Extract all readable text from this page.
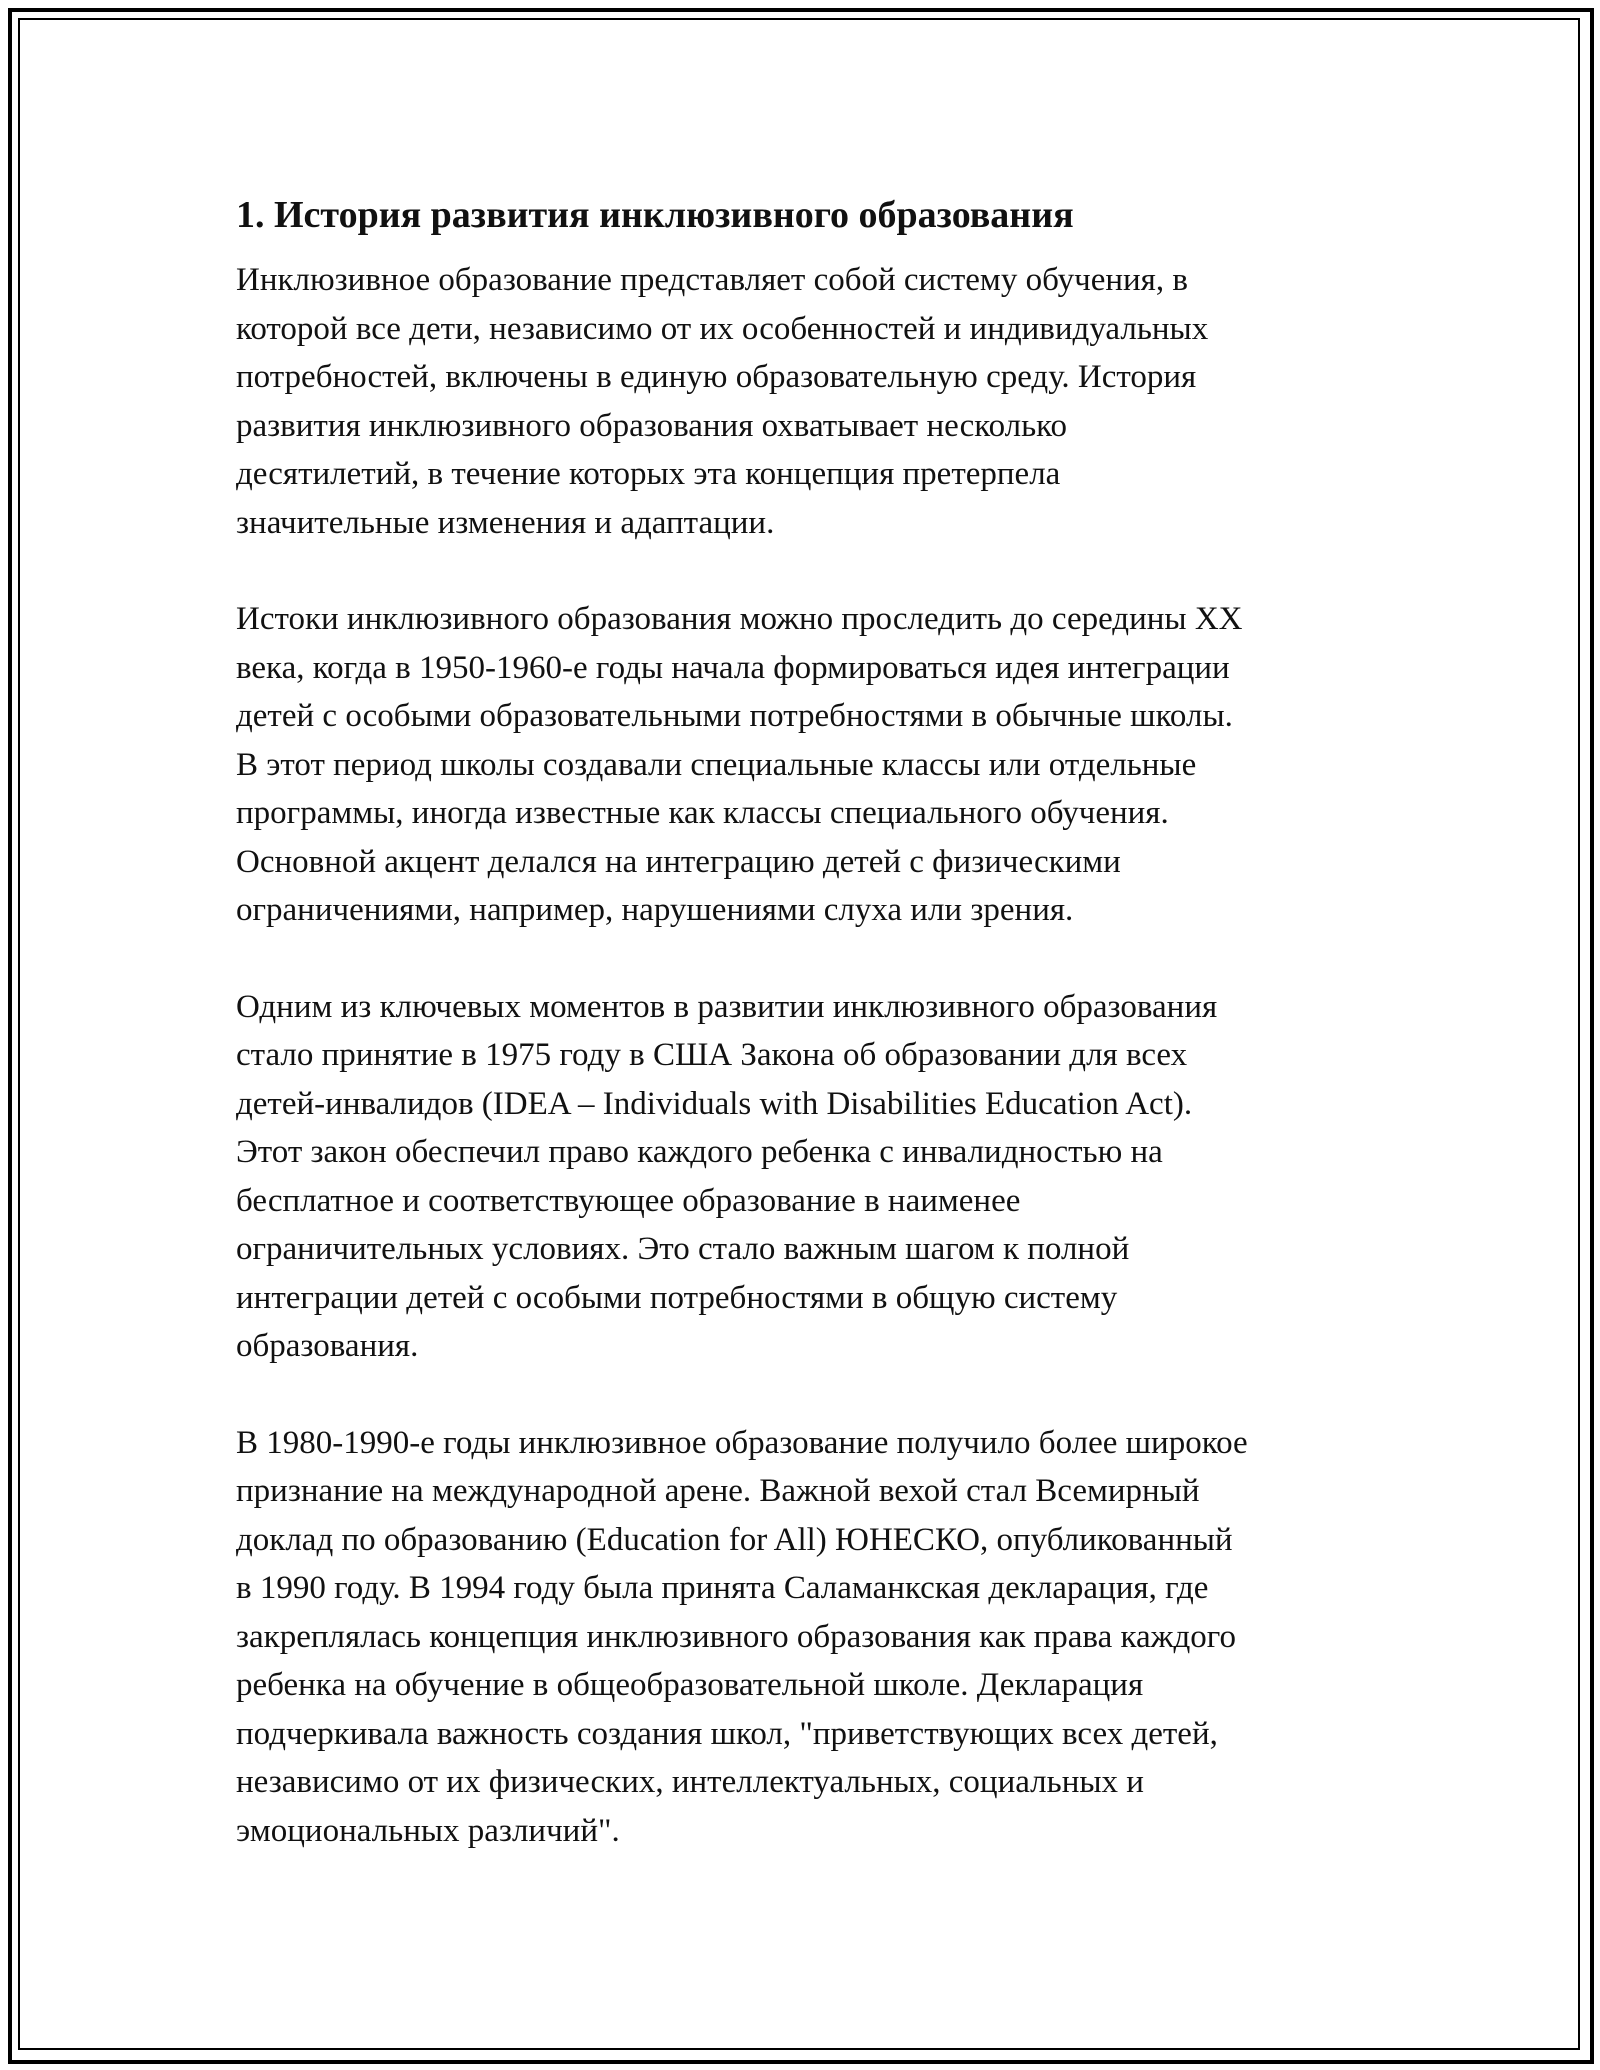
1. История развития инклюзивного образования

Инклюзивное образование представляет собой систему обучения, в
которой все дети, независимо от их особенностей и индивидуальных
потребностей, включены в единую образовательную среду. История
развития инклюзивного образования охватывает несколько
десятилетий, в течение которых эта концепция претерпела
значительные изменения и адаптации.

Истоки инклюзивного образования можно проследить до середины XX
века, когда в 1950-1960-е годы начала формироваться идея интеграции
детей с особыми образовательными потребностями в обычные школы.
В этот период школы создавали специальные классы или отдельные
программы, иногда известные как классы специального обучения.
Основной акцент делался на интеграцию детей с физическими
ограничениями, например, нарушениями слуха или зрения.

Одним из ключевых моментов в развитии инклюзивного образования
стало принятие в 1975 году в США Закона об образовании для всех
детей-инвалидов (IDEA – Individuals with Disabilities Education Act).
Этот закон обеспечил право каждого ребенка с инвалидностью на
бесплатное и соответствующее образование в наименее
ограничительных условиях. Это стало важным шагом к полной
интеграции детей с особыми потребностями в общую систему
образования.

В 1980-1990-е годы инклюзивное образование получило более широкое
признание на международной арене. Важной вехой стал Всемирный
доклад по образованию (Education for All) ЮНЕСКО, опубликованный
в 1990 году. В 1994 году была принята Саламанкская декларация, где
закреплялась концепция инклюзивного образования как права каждого
ребенка на обучение в общеобразовательной школе. Декларация
подчеркивала важность создания школ, "приветствующих всех детей,
независимо от их физических, интеллектуальных, социальных и
эмоциональных различий".
